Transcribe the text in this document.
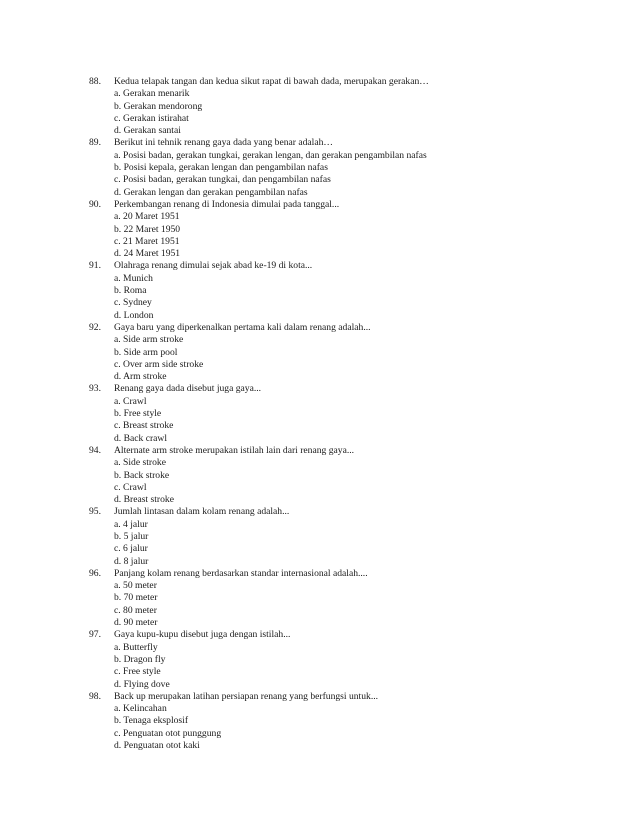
88.	Kedua telapak tangan dan kedua sikut rapat di bawah dada, merupakan gerakan…
a. Gerakan menarik
b. Gerakan mendorong
c. Gerakan istirahat
d. Gerakan santai
89.	Berikut ini tehnik renang gaya dada yang benar adalah…
a. Posisi badan, gerakan tungkai, gerakan lengan, dan gerakan pengambilan nafas
b. Posisi kepala, gerakan lengan dan pengambilan nafas
c. Posisi badan, gerakan tungkai, dan pengambilan nafas
d. Gerakan lengan dan gerakan pengambilan nafas
90.	Perkembangan renang di Indonesia dimulai pada tanggal...
a. 20 Maret 1951
b. 22 Maret 1950
c. 21 Maret 1951
d. 24 Maret 1951
91.	Olahraga renang dimulai sejak abad ke-19 di kota...
a. Munich
b. Roma
c. Sydney
d. London
92.	Gaya baru yang diperkenalkan pertama kali dalam renang adalah...
a. Side arm stroke
b. Side arm pool
c. Over arm side stroke
d. Arm stroke
93.	Renang gaya dada disebut juga gaya...
a. Crawl
b. Free style
c. Breast stroke
d. Back crawl
94.	Alternate arm stroke merupakan istilah lain dari renang gaya...
a. Side stroke
b. Back stroke
c. Crawl
d. Breast stroke
95.	Jumlah lintasan dalam kolam renang adalah...
a. 4 jalur
b. 5 jalur
c. 6 jalur
d. 8 jalur
96.	Panjang kolam renang berdasarkan standar internasional adalah....
a. 50 meter
b. 70 meter
c. 80 meter
d. 90 meter
97.	Gaya kupu-kupu disebut juga dengan istilah...
a. Butterfly
b. Dragon fly
c. Free style
d. Flying dove
98.	Back up merupakan latihan persiapan renang yang berfungsi untuk...
a. Kelincahan
b. Tenaga eksplosif
c. Penguatan otot punggung
d. Penguatan otot kaki
